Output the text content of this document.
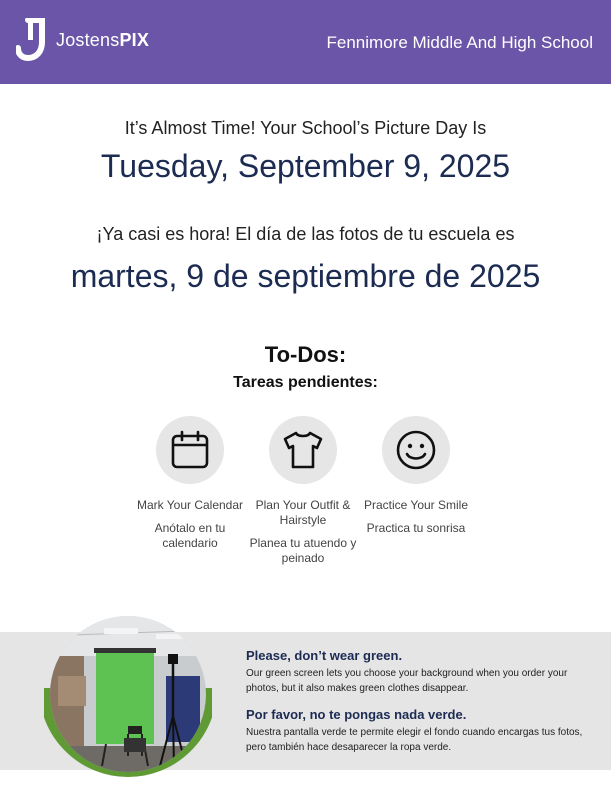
JostensPIX	Fennimore Middle And High School
It’s Almost Time! Your School’s Picture Day Is
Tuesday, September 9, 2025
¡Ya casi es hora! El día de las fotos de tu escuela es
martes, 9 de septiembre de 2025
To-Dos:
Tareas pendientes:
Mark Your Calendar
Anótalo en tu calendario
Plan Your Outfit & Hairstyle
Planea tu atuendo y peinado
Practice Your Smile
Practica tu sonrisa
Please, don’t wear green.
Our green screen lets you choose your background when you order your photos, but it also makes green clothes disappear.
Por favor, no te pongas nada verde.
Nuestra pantalla verde te permite elegir el fondo cuando encargas tus fotos, pero también hace desaparecer la ropa verde.
